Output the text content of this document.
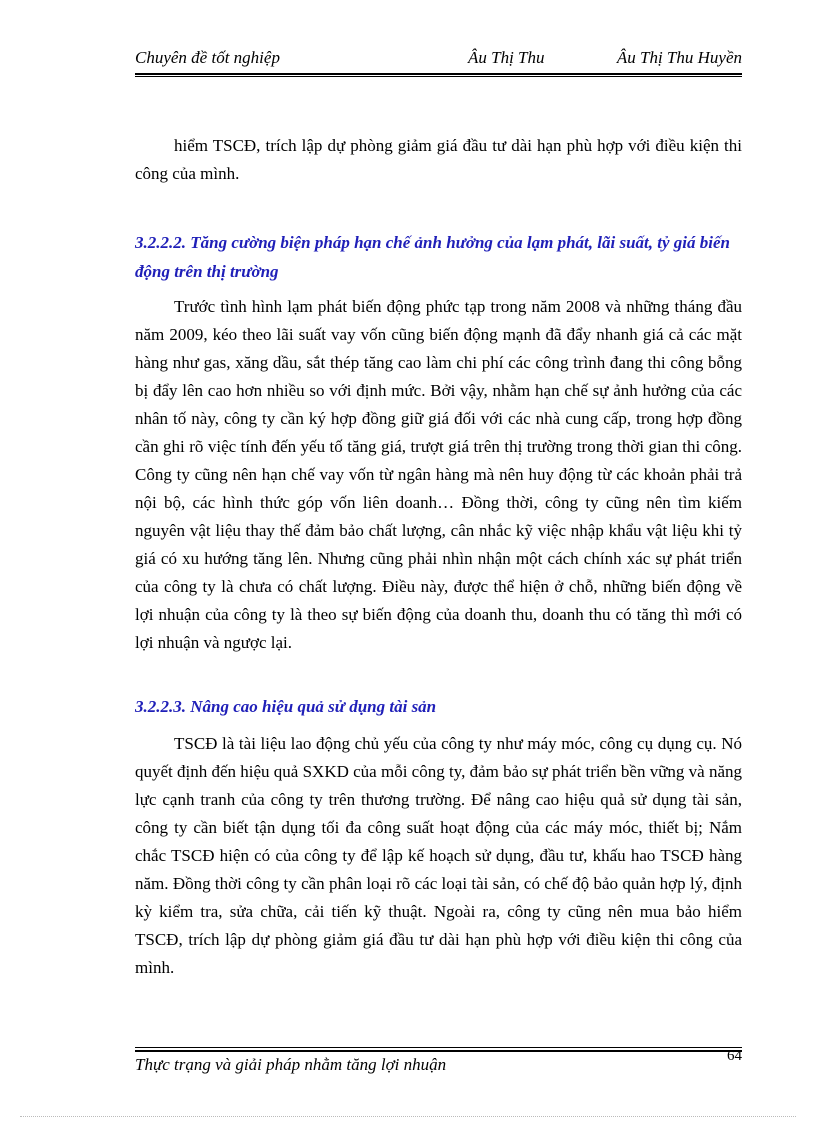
Chuyên đề tốt nghiệp	Âu Thị Thu	Âu Thị Thu Huyền

hiểm TSCĐ, trích lập dự phòng giảm giá đầu tư dài hạn phù hợp với điều kiện thi công của mình.

3.2.2.2. Tăng cường biện pháp hạn chế ảnh hưởng của lạm phát, lãi suất, tỷ giá biến động trên thị trường

Trước tình hình lạm phát biến động phức tạp trong năm 2008 và những tháng đầu năm 2009, kéo theo lãi suất vay vốn cũng biến động mạnh đã đẩy nhanh giá cả các mặt hàng như gas, xăng dầu, sắt thép tăng cao làm chi phí các công trình đang thi công bỗng bị đẩy lên cao hơn nhiều so với định mức. Bởi vậy, nhằm hạn chế sự ảnh hưởng của các nhân tố này, công ty cần ký hợp đồng giữ giá đối với các nhà cung cấp, trong hợp đồng cần ghi rõ việc tính đến yếu tố tăng giá, trượt giá trên thị trường trong thời gian thi công. Công ty cũng nên hạn chế vay vốn từ ngân hàng mà nên huy động từ các khoản phải trả nội bộ, các hình thức góp vốn liên doanh… Đồng thời, công ty cũng nên tìm kiếm nguyên vật liệu thay thế đảm bảo chất lượng, cân nhắc kỹ việc nhập khẩu vật liệu khi tỷ giá có xu hướng tăng lên. Nhưng cũng phải nhìn nhận một cách chính xác sự phát triển của công ty là chưa có chất lượng. Điều này, được thể hiện ở chỗ, những biến động về lợi nhuận của công ty là theo sự biến động của doanh thu, doanh thu có tăng thì mới có lợi nhuận và ngược lại.

3.2.2.3. Nâng cao hiệu quả sử dụng tài sản

TSCĐ là tài liệu lao động chủ yếu của công ty như máy móc, công cụ dụng cụ. Nó quyết định đến hiệu quả SXKD của mỗi công ty, đảm bảo sự phát triển bền vững và năng lực cạnh tranh của công ty trên thương trường. Để nâng cao hiệu quả sử dụng tài sản, công ty cần biết tận dụng tối đa công suất hoạt động của các máy móc, thiết bị; Nắm chắc TSCĐ hiện có của công ty để lập kế hoạch sử dụng, đầu tư, khấu hao TSCĐ hàng năm. Đồng thời công ty cần phân loại rõ các loại tài sản, có chế độ bảo quản hợp lý, định kỳ kiểm tra, sửa chữa, cải tiến kỹ thuật. Ngoài ra, công ty cũng nên mua bảo hiểm TSCĐ, trích lập dự phòng giảm giá đầu tư dài hạn phù hợp với điều kiện thi công của mình.

Thực trạng và giải pháp nhằm tăng lợi nhuận	64
